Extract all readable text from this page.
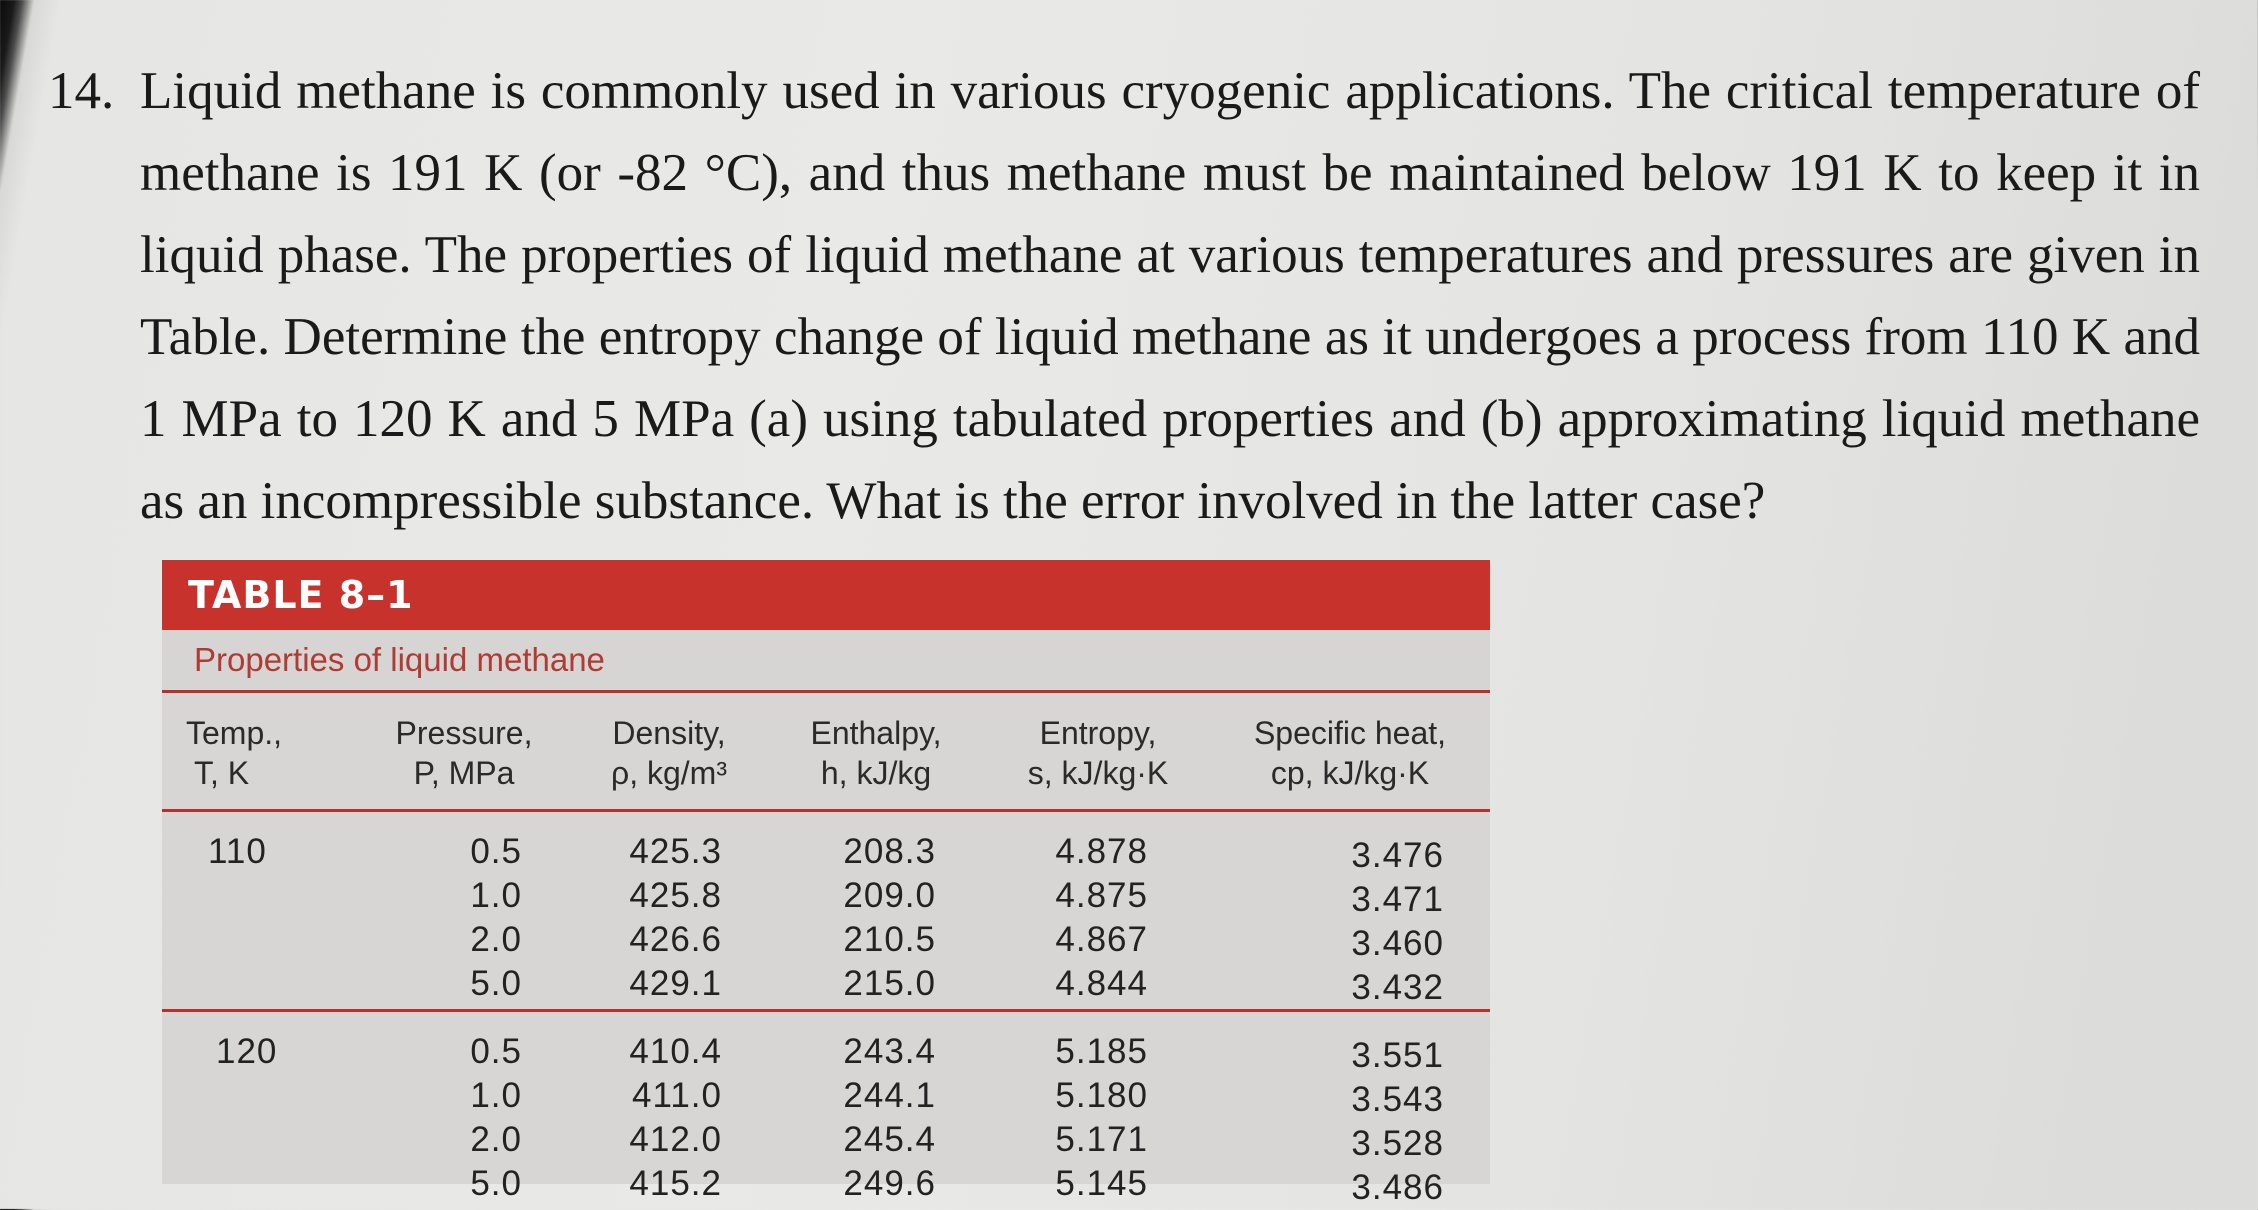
14. Liquid methane is commonly used in various cryogenic applications. The critical temperature of methane is 191 K (or -82 °C), and thus methane must be maintained below 191 K to keep it in liquid phase. The properties of liquid methane at various temperatures and pressures are given in Table. Determine the entropy change of liquid methane as it undergoes a process from 110 K and 1 MPa to 120 K and 5 MPa (a) using tabulated properties and (b) approximating liquid methane as an incompressible substance. What is the error involved in the latter case?
TABLE 8–1
Properties of liquid methane
Temp.,
T, K
Pressure,
P, MPa
Density,
ρ, kg/m³
Enthalpy,
h, kJ/kg
Entropy,
s, kJ/kg·K
Specific heat,
cp, kJ/kg·K
110	0.5
1.0
2.0
5.0
425.3
425.8
426.6
429.1
208.3
209.0
210.5
215.0
4.878
4.875
4.867
4.844
3.476
3.471
3.460
3.432
120	0.5
1.0
2.0
5.0
410.4
411.0
412.0
415.2
243.4
244.1
245.4
249.6
5.185
5.180
5.171
5.145
3.551
3.543
3.528
3.486
